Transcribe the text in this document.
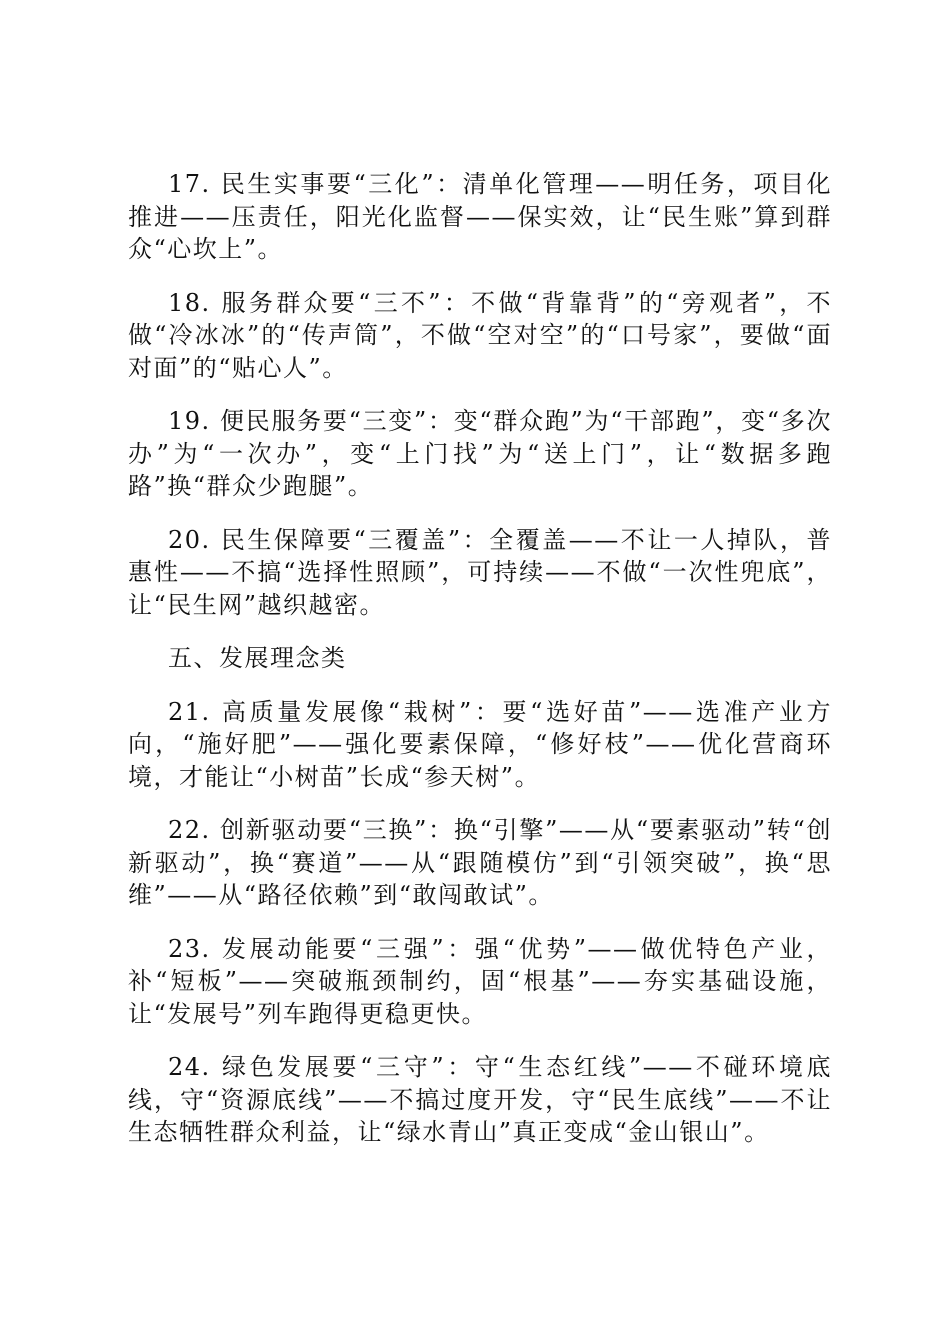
17. 民生实事要“三化”：清单化管理——明任务，项目化推进——压责任，阳光化监督——保实效，让“民生账”算到群众“心坎上”。

18. 服务群众要“三不”：不做“背靠背”的“旁观者”，不做“冷冰冰”的“传声筒”，不做“空对空”的“口号家”，要做“面对面”的“贴心人”。

19. 便民服务要“三变”：变“群众跑”为“干部跑”，变“多次办”为“一次办”，变“上门找”为“送上门”，让“数据多跑路”换“群众少跑腿”。

20. 民生保障要“三覆盖”：全覆盖——不让一人掉队，普惠性——不搞“选择性照顾”，可持续——不做“一次性兜底”，让“民生网”越织越密。

五、发展理念类

21. 高质量发展像“栽树”：要“选好苗”——选准产业方向，“施好肥”——强化要素保障，“修好枝”——优化营商环境，才能让“小树苗”长成“参天树”。

22. 创新驱动要“三换”：换“引擎”——从“要素驱动”转“创新驱动”，换“赛道”——从“跟随模仿”到“引领突破”，换“思维”——从“路径依赖”到“敢闯敢试”。

23. 发展动能要“三强”：强“优势”——做优特色产业，补“短板”——突破瓶颈制约，固“根基”——夯实基础设施，让“发展号”列车跑得更稳更快。

24. 绿色发展要“三守”：守“生态红线”——不碰环境底线，守“资源底线”——不搞过度开发，守“民生底线”——不让生态牺牲群众利益，让“绿水青山”真正变成“金山银山”。
